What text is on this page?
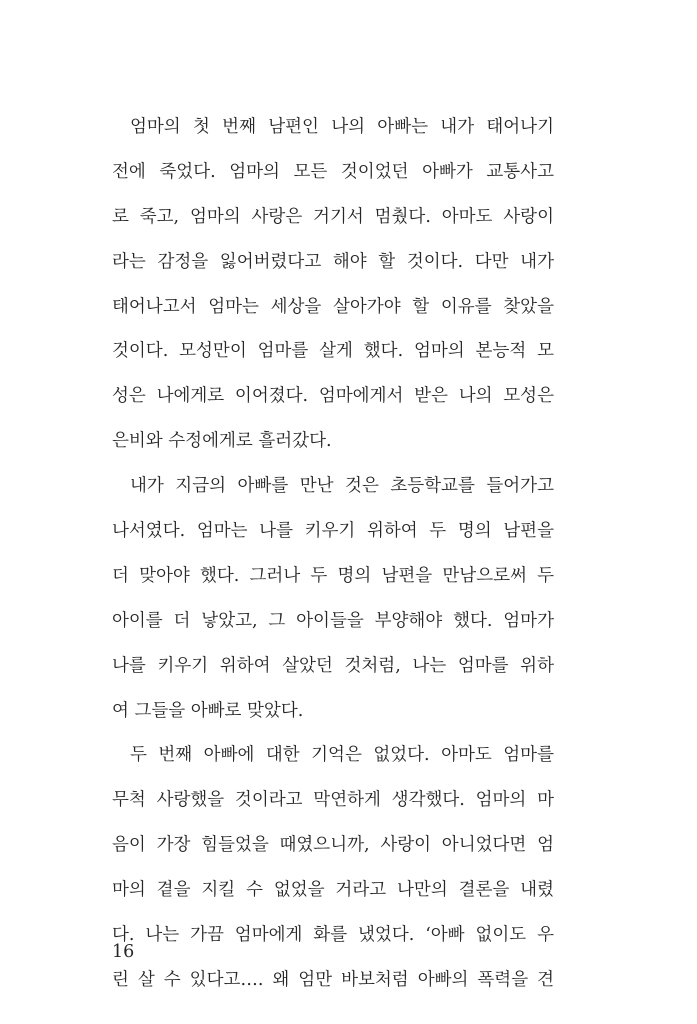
엄마의 첫 번째 남편인 나의 아빠는 내가 태어나기
전에 죽었다. 엄마의 모든 것이었던 아빠가 교통사고
로 죽고, 엄마의 사랑은 거기서 멈췄다. 아마도 사랑이
라는 감정을 잃어버렸다고 해야 할 것이다. 다만 내가
태어나고서 엄마는 세상을 살아가야 할 이유를 찾았을
것이다. 모성만이 엄마를 살게 했다. 엄마의 본능적 모
성은 나에게로 이어졌다. 엄마에게서 받은 나의 모성은
은비와 수정에게로 흘러갔다.
내가 지금의 아빠를 만난 것은 초등학교를 들어가고
나서였다. 엄마는 나를 키우기 위하여 두 명의 남편을
더 맞아야 했다. 그러나 두 명의 남편을 만남으로써 두
아이를 더 낳았고, 그 아이들을 부양해야 했다. 엄마가
나를 키우기 위하여 살았던 것처럼, 나는 엄마를 위하
여 그들을 아빠로 맞았다.
두 번째 아빠에 대한 기억은 없었다. 아마도 엄마를
무척 사랑했을 것이라고 막연하게 생각했다. 엄마의 마
음이 가장 힘들었을 때였으니까, 사랑이 아니었다면 엄
마의 곁을 지킬 수 없었을 거라고 나만의 결론을 내렸
다. 나는 가끔 엄마에게 화를 냈었다. ‘아빠 없이도 우
린 살 수 있다고…. 왜 엄만 바보처럼 아빠의 폭력을 견
16
